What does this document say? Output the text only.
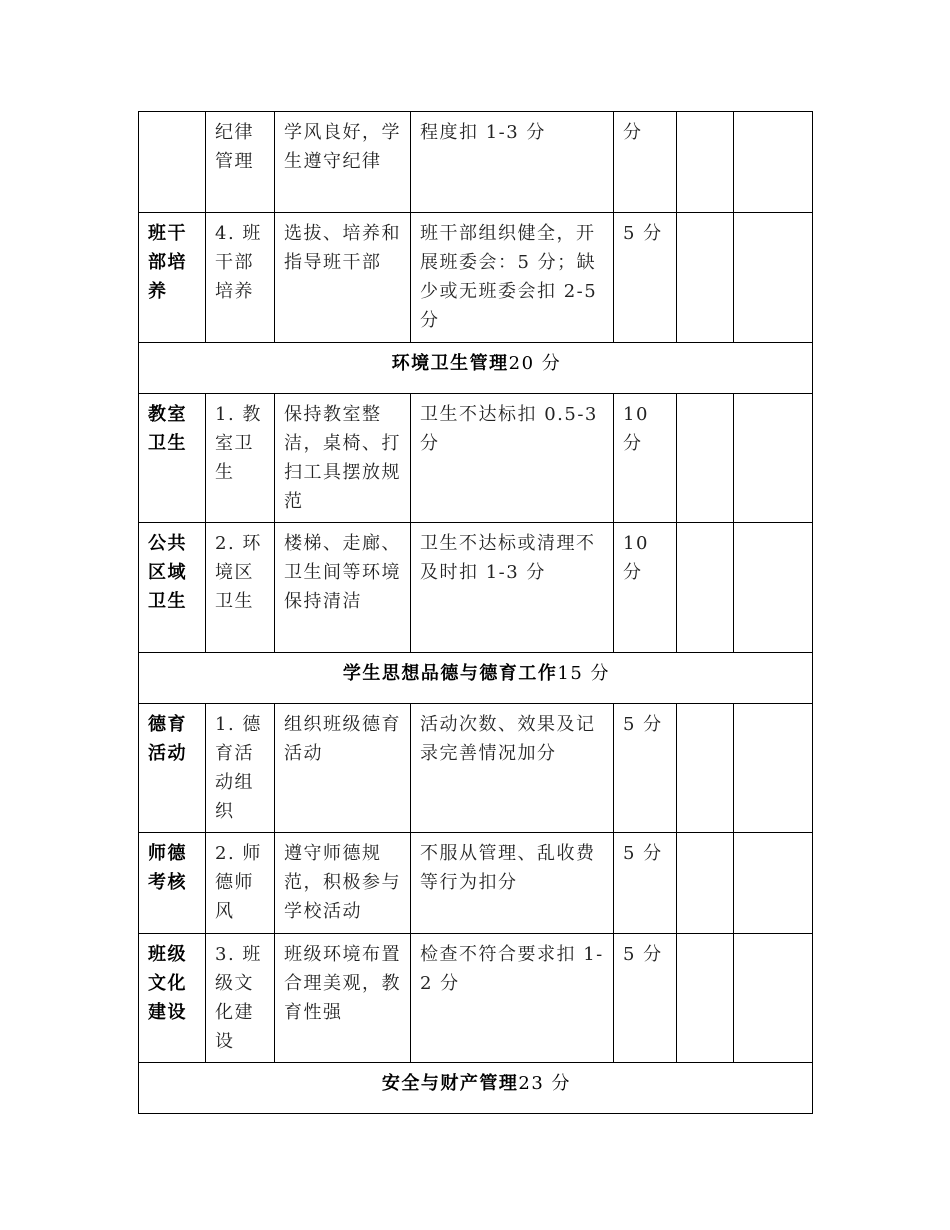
	纪律管理	学风良好，学生遵守纪律	程度扣 1-3 分	分		
班干部培养	4. 班干部培养	选拔、培养和指导班干部	班干部组织健全，开展班委会：5 分；缺少或无班委会扣 2-5 分	5 分		
环境卫生管理20 分						
教室卫生	1. 教室卫生	保持教室整洁，桌椅、打扫工具摆放规范	卫生不达标扣 0.5-3 分	10 分		
公共区域卫生	2. 环境区卫生	楼梯、走廊、卫生间等环境保持清洁	卫生不达标或清理不及时扣 1-3 分	10 分		
学生思想品德与德育工作15 分						
德育活动	1. 德育活动组织	组织班级德育活动	活动次数、效果及记录完善情况加分	5 分		
师德考核	2. 师德师风	遵守师德规范，积极参与学校活动	不服从管理、乱收费等行为扣分	5 分		
班级文化建设	3. 班级文化建设	班级环境布置合理美观，教育性强	检查不符合要求扣 1-2 分	5 分		
安全与财产管理23 分						
